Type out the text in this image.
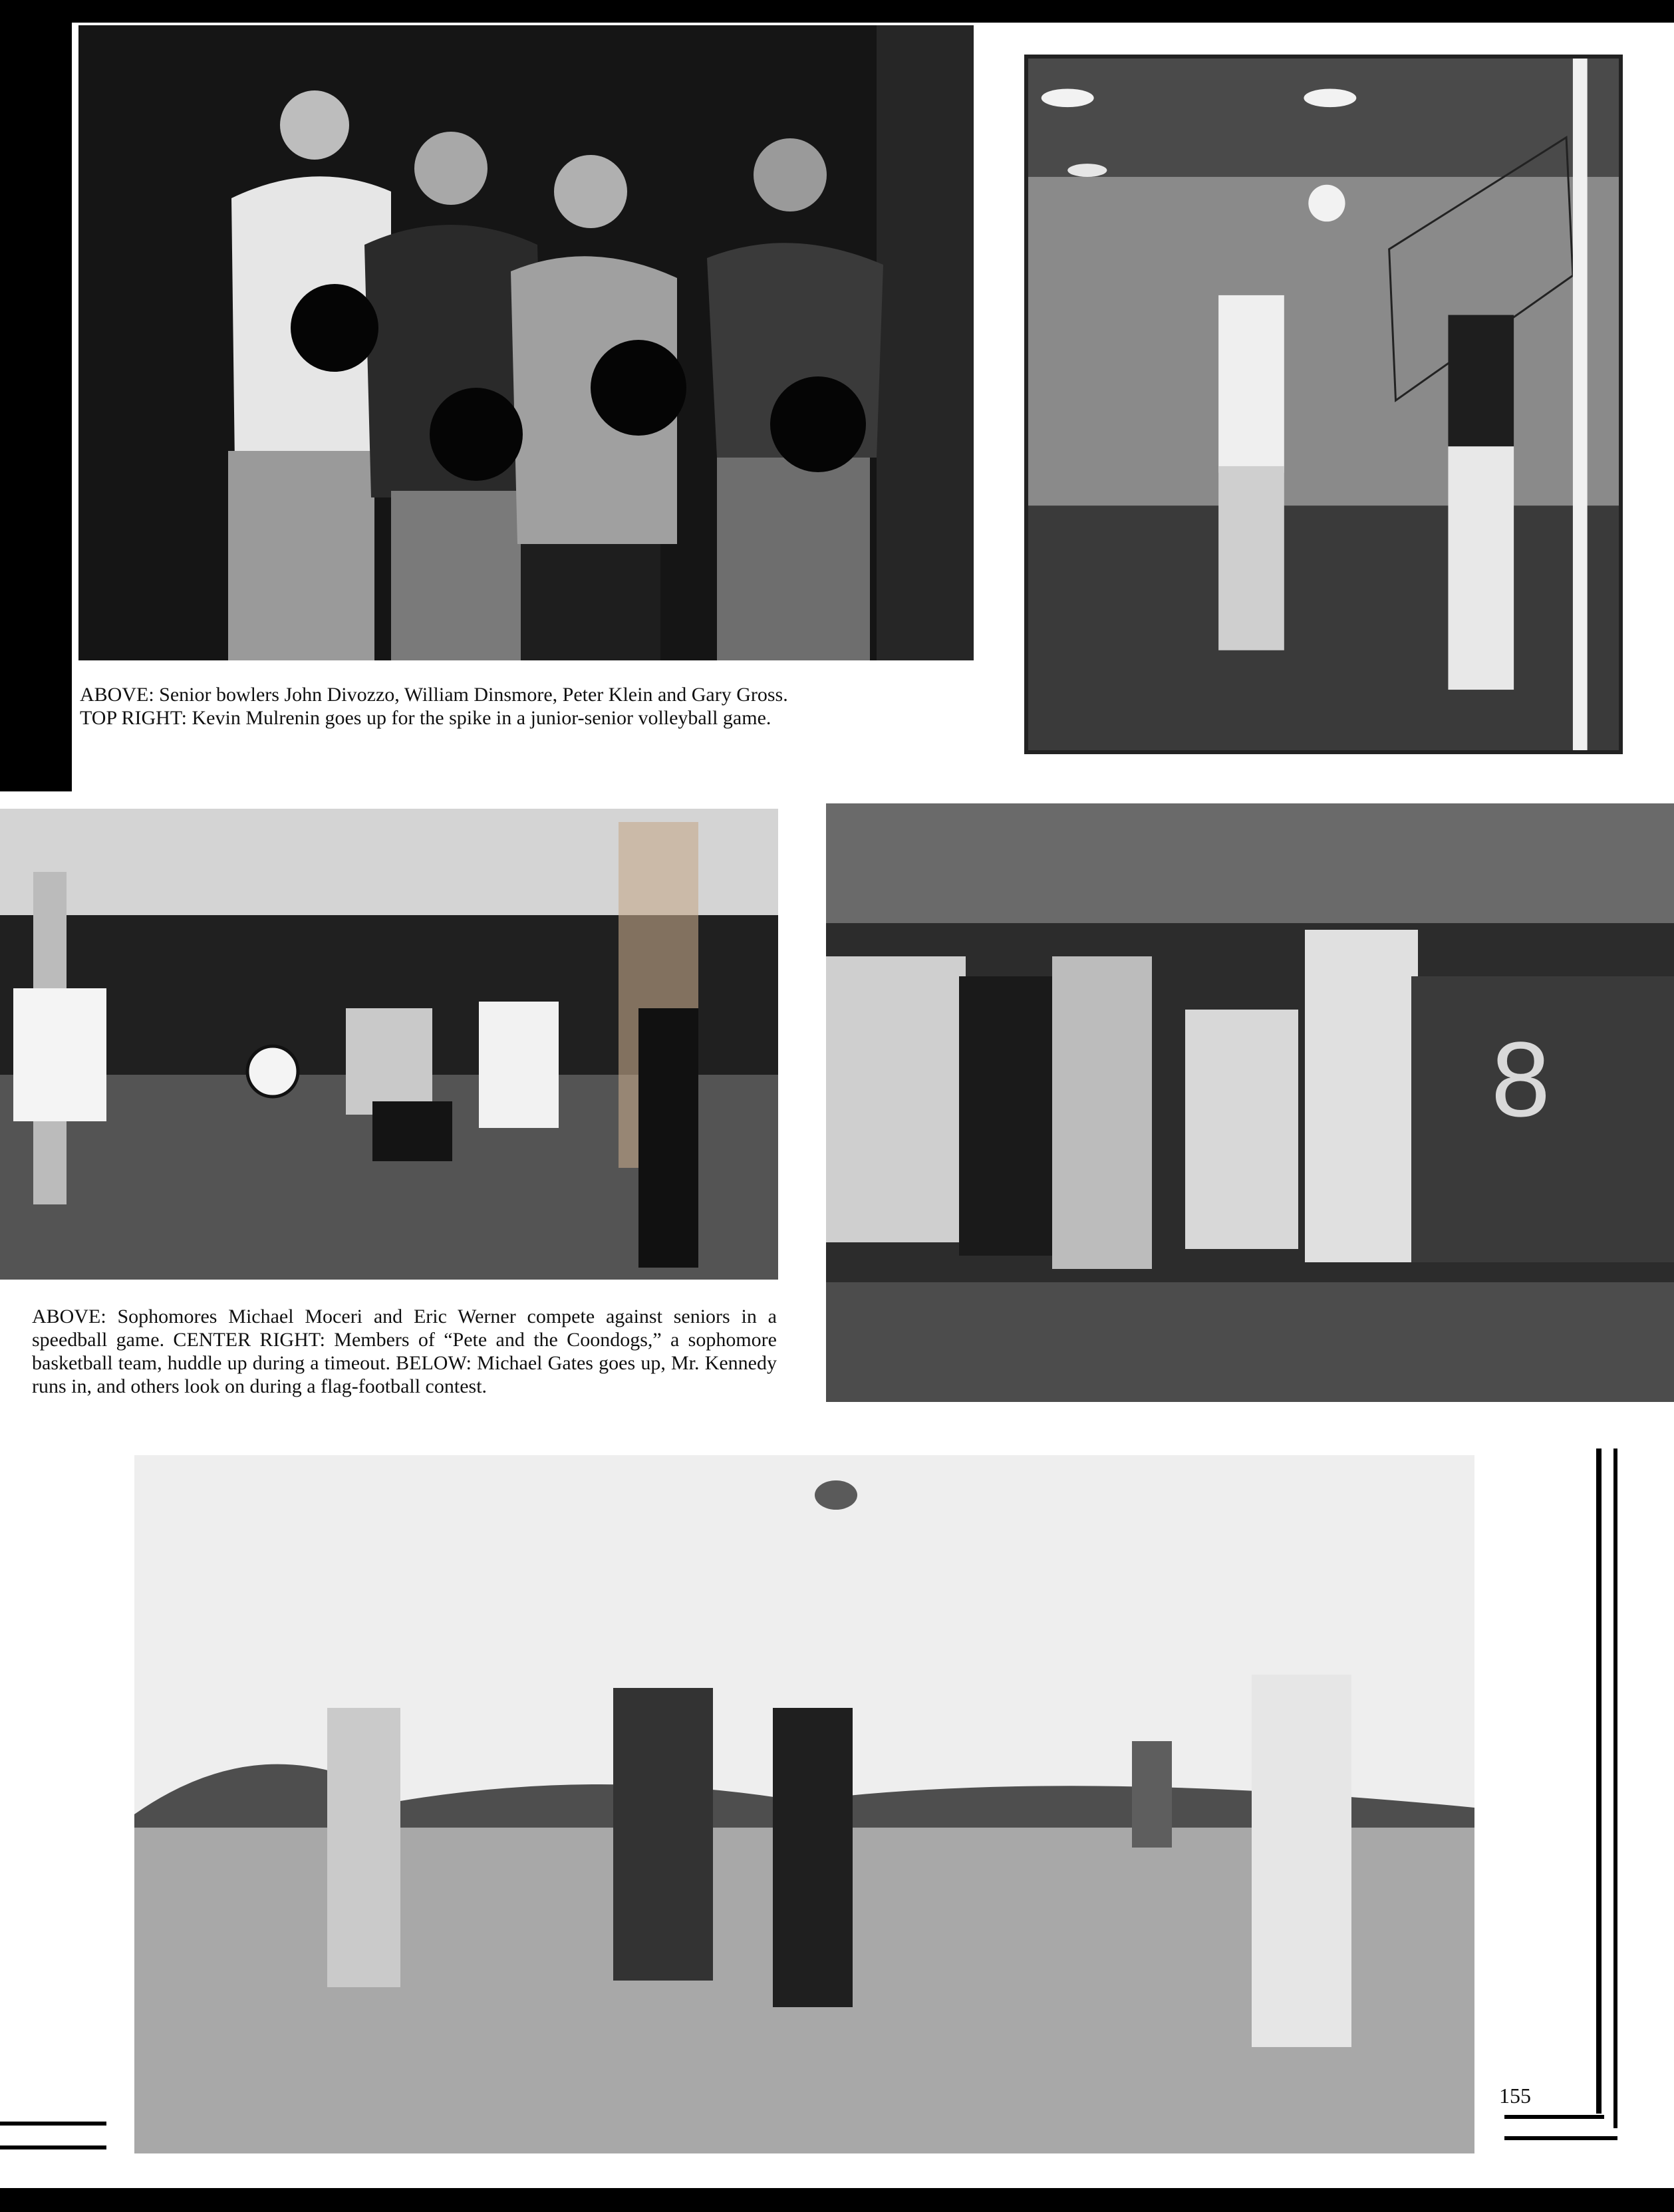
8

ABOVE: Senior bowlers John Divozzo, William Dinsmore, Peter Klein and Gary Gross.

TOP RIGHT: Kevin Mulrenin goes up for the spike in a junior-senior volleyball game.

ABOVE: Sophomores Michael Moceri and Eric Werner compete against seniors in a speedball game. CENTER RIGHT: Members of “Pete and the Coondogs,” a sophomore basketball team, huddle up during a timeout. BELOW: Michael Gates goes up, Mr. Kennedy runs in, and others look on during a flag-football contest.

155
